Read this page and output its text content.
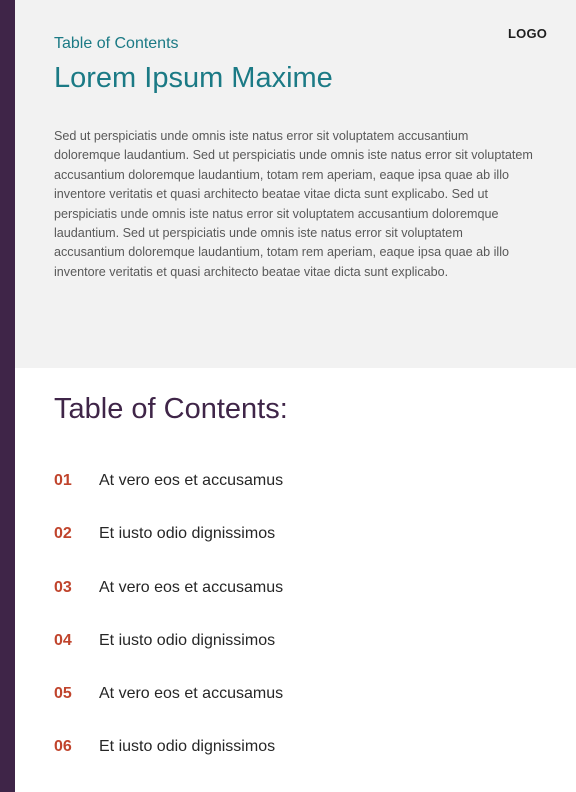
Table of Contents
LOGO
Lorem Ipsum Maxime

Sed ut perspiciatis unde omnis iste natus error sit voluptatem accusantium doloremque laudantium. Sed ut perspiciatis unde omnis iste natus error sit voluptatem accusantium doloremque laudantium, totam rem aperiam, eaque ipsa quae ab illo inventore veritatis et quasi architecto beatae vitae dicta sunt explicabo. Sed ut perspiciatis unde omnis iste natus error sit voluptatem accusantium doloremque laudantium. Sed ut perspiciatis unde omnis iste natus error sit voluptatem accusantium doloremque laudantium, totam rem aperiam, eaque ipsa quae ab illo inventore veritatis et quasi architecto beatae vitae dicta sunt explicabo.

Table of Contents:
01	At vero eos et accusamus
02	Et iusto odio dignissimos
03	At vero eos et accusamus
04	Et iusto odio dignissimos
05	At vero eos et accusamus
06	Et iusto odio dignissimos
